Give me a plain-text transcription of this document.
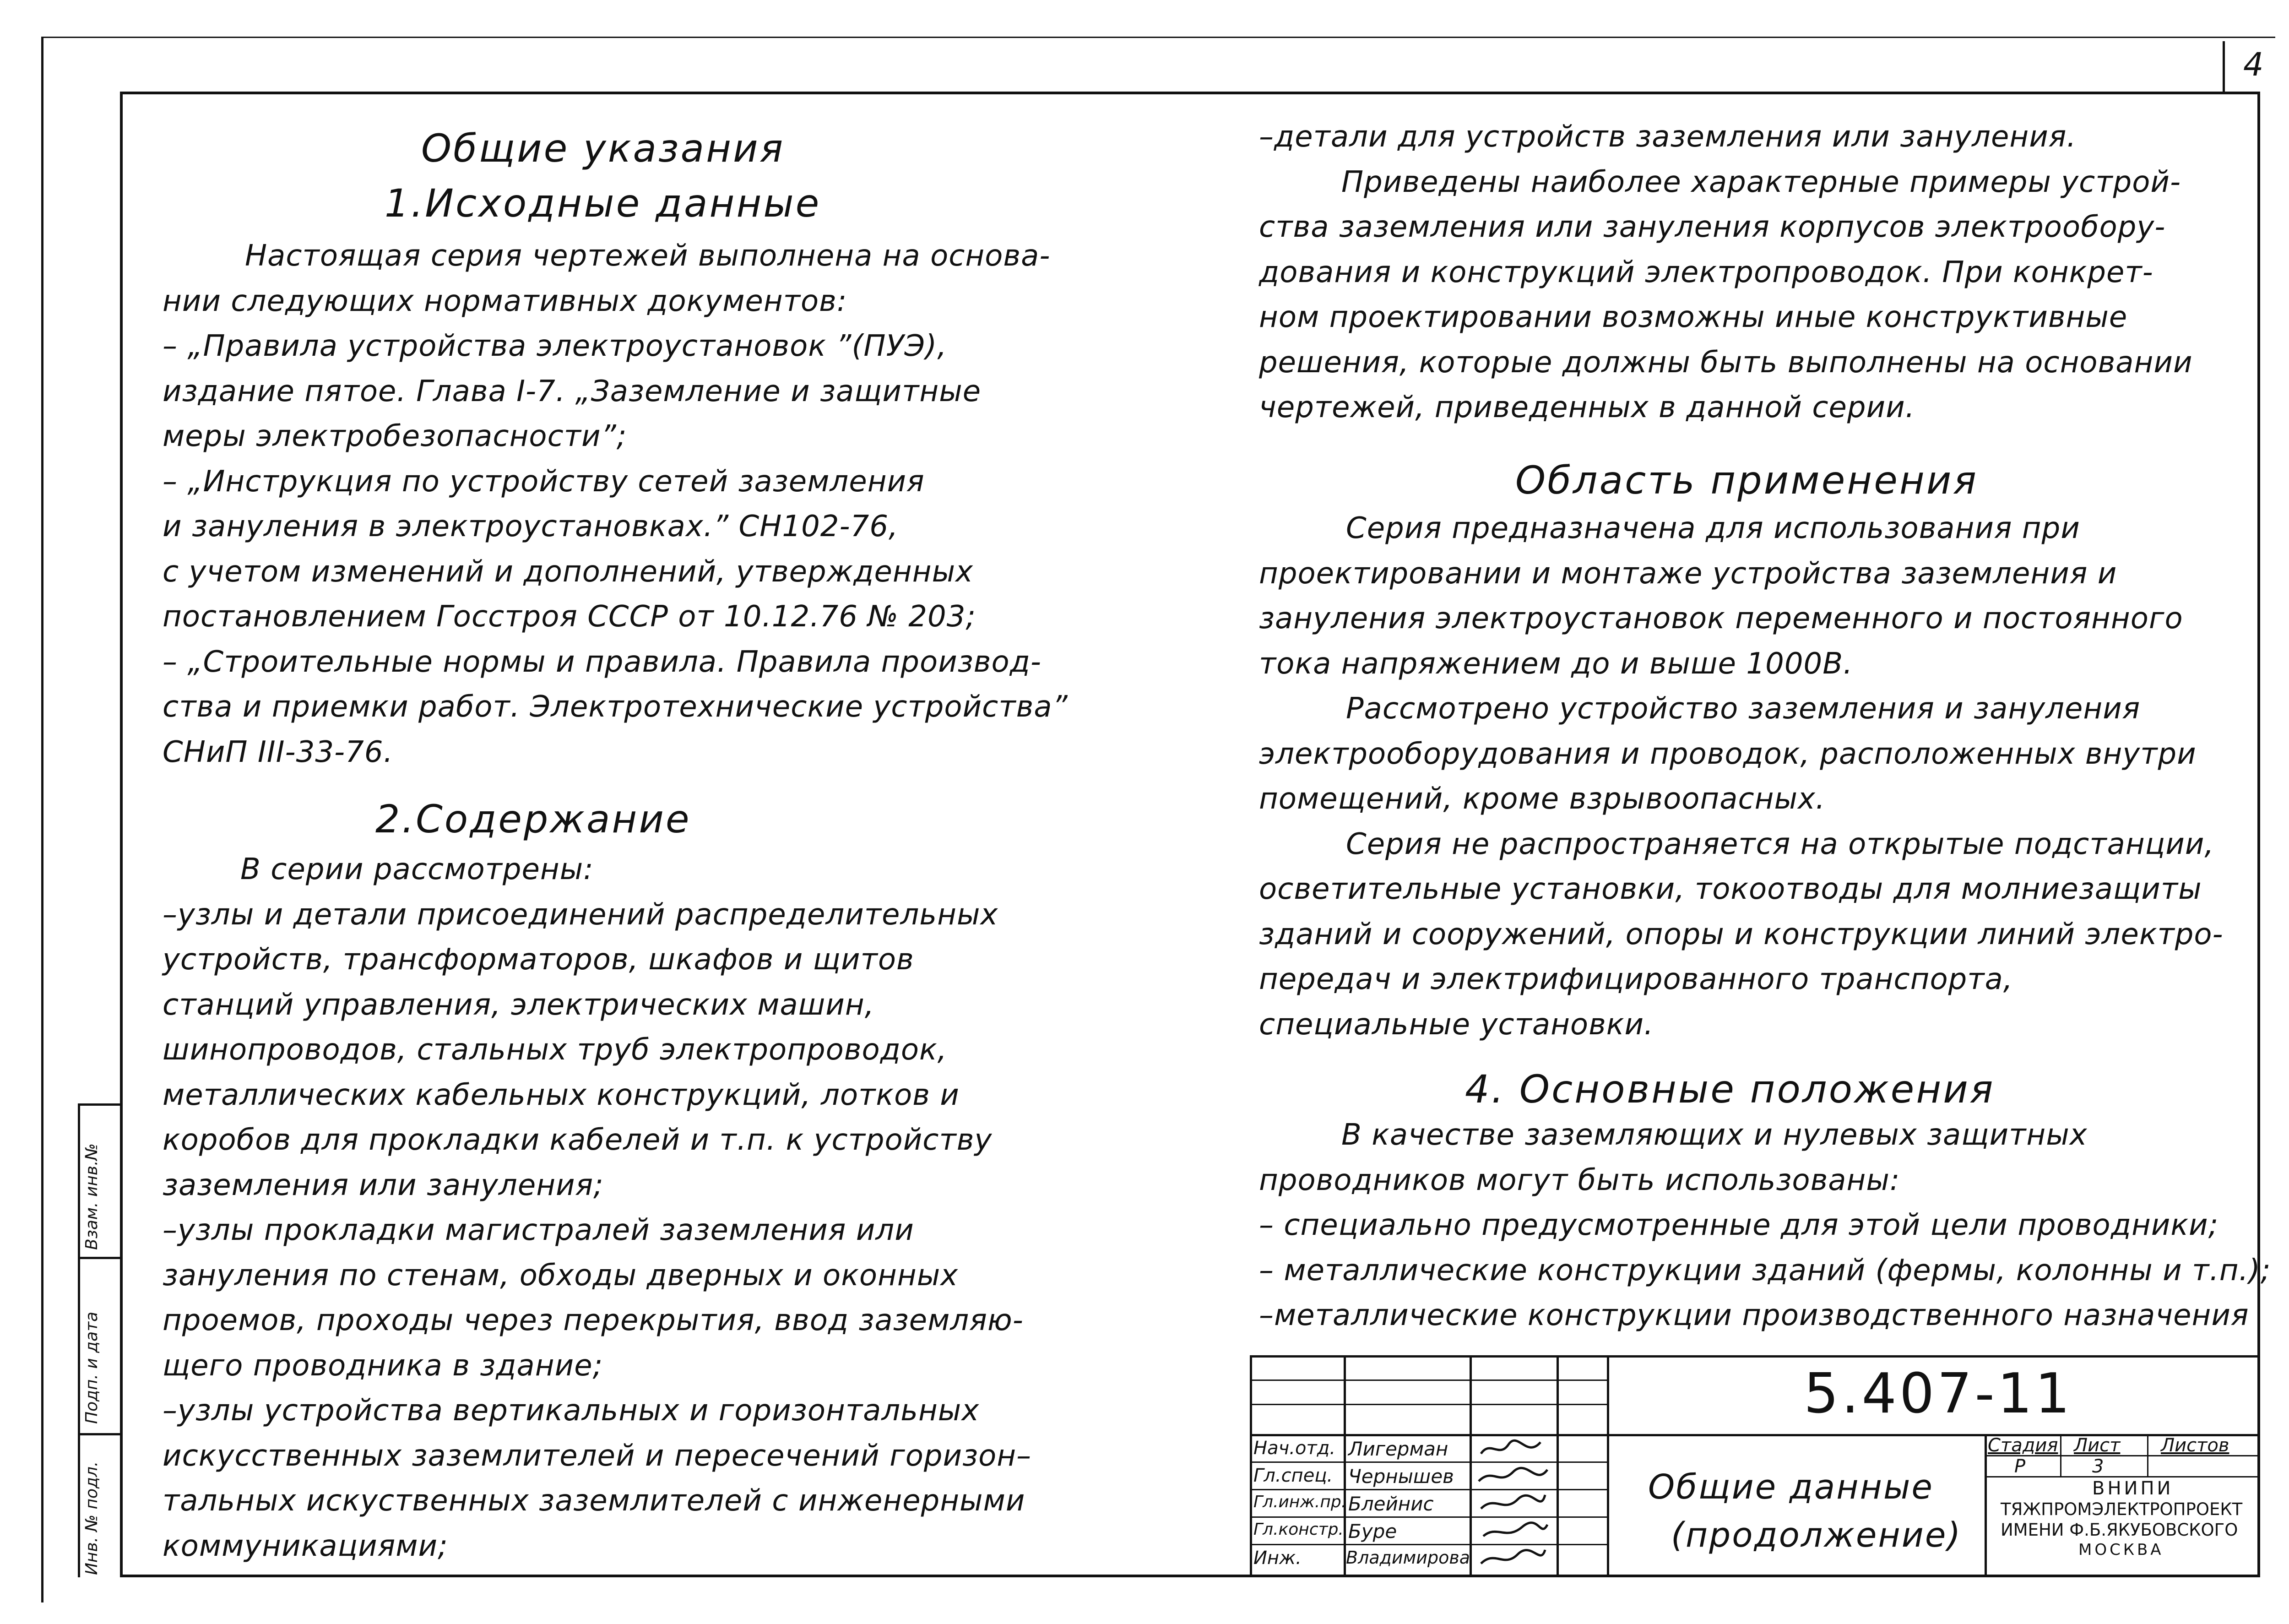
4
Инв. № подл.
Подп. и дата
Взам. инв.№
Общие указания
1.Исходные данные
Настоящая серия чертежей выполнена на основа-
нии следующих нормативных документов:
– „Правила устройства электроустановок ”(ПУЭ),
издание пятое. Глава I-7. „Заземление и защитные
меры электробезопасности”;
– „Инструкция по устройству сетей заземления
и зануления в электроустановках.” СН102-76,
с учетом изменений и дополнений, утвержденных
постановлением Госстроя СССР от 10.12.76 № 203;
– „Строительные нормы и правила. Правила производ-
ства и приемки работ. Электротехнические устройства”
СНиП III-33-76.
2.Содержание
В серии рассмотрены:
–узлы и детали присоединений распределительных
устройств, трансформаторов, шкафов и щитов
станций управления, электрических машин,
шинопроводов, стальных труб электропроводок,
металлических кабельных конструкций, лотков и
коробов для прокладки кабелей и т.п. к устройству
заземления или зануления;
–узлы прокладки магистралей заземления или
зануления по стенам, обходы дверных и оконных
проемов, проходы через перекрытия, ввод заземляю-
щего проводника в здание;
–узлы устройства вертикальных и горизонтальных
искусственных заземлителей и пересечений горизон–
тальных искуственных заземлителей с инженерными
коммуникациями;
–детали для устройств заземления или зануления.
Приведены наиболее характерные примеры устрой-
ства заземления или зануления корпусов электрообору-
дования и конструкций электропроводок. При конкрет-
ном проектировании возможны иные конструктивные
решения, которые должны быть выполнены на основании
чертежей, приведенных в данной серии.
Область применения
Серия предназначена для использования при
проектировании и монтаже устройства заземления и
зануления электроустановок переменного и постоянного
тока напряжением до и выше 1000В.
Рассмотрено устройство заземления и зануления
электрооборудования и проводок, расположенных внутри
помещений, кроме взрывоопасных.
Серия не распространяется на открытые подстанции,
осветительные установки, токоотводы для молниезащиты
зданий и сооружений, опоры и конструкции линий электро-
передач и электрифицированного транспорта,
специальные установки.
4. Основные положения
В качестве заземляющих и нулевых защитных
проводников могут быть использованы:
– специально предусмотренные для этой цели проводники;
– металлические конструкции зданий (фермы, колонны и т.п.);
–металлические конструкции производственного назначения
5.407-11
Нач.отд.
Гл.спец.
Гл.инж.пр.
Гл.констр.
Инж.
Лигерман
Чернышев
Блейнис
Буре
Владимирова
Общие данные
(продолжение)
Стадия Лист Листов
Р	3
ВНИПИ
ТЯЖПРОМЭЛЕКТРОПРОЕКТ
ИМЕНИ Ф.Б.ЯКУБОВСКОГО
МОСКВА
